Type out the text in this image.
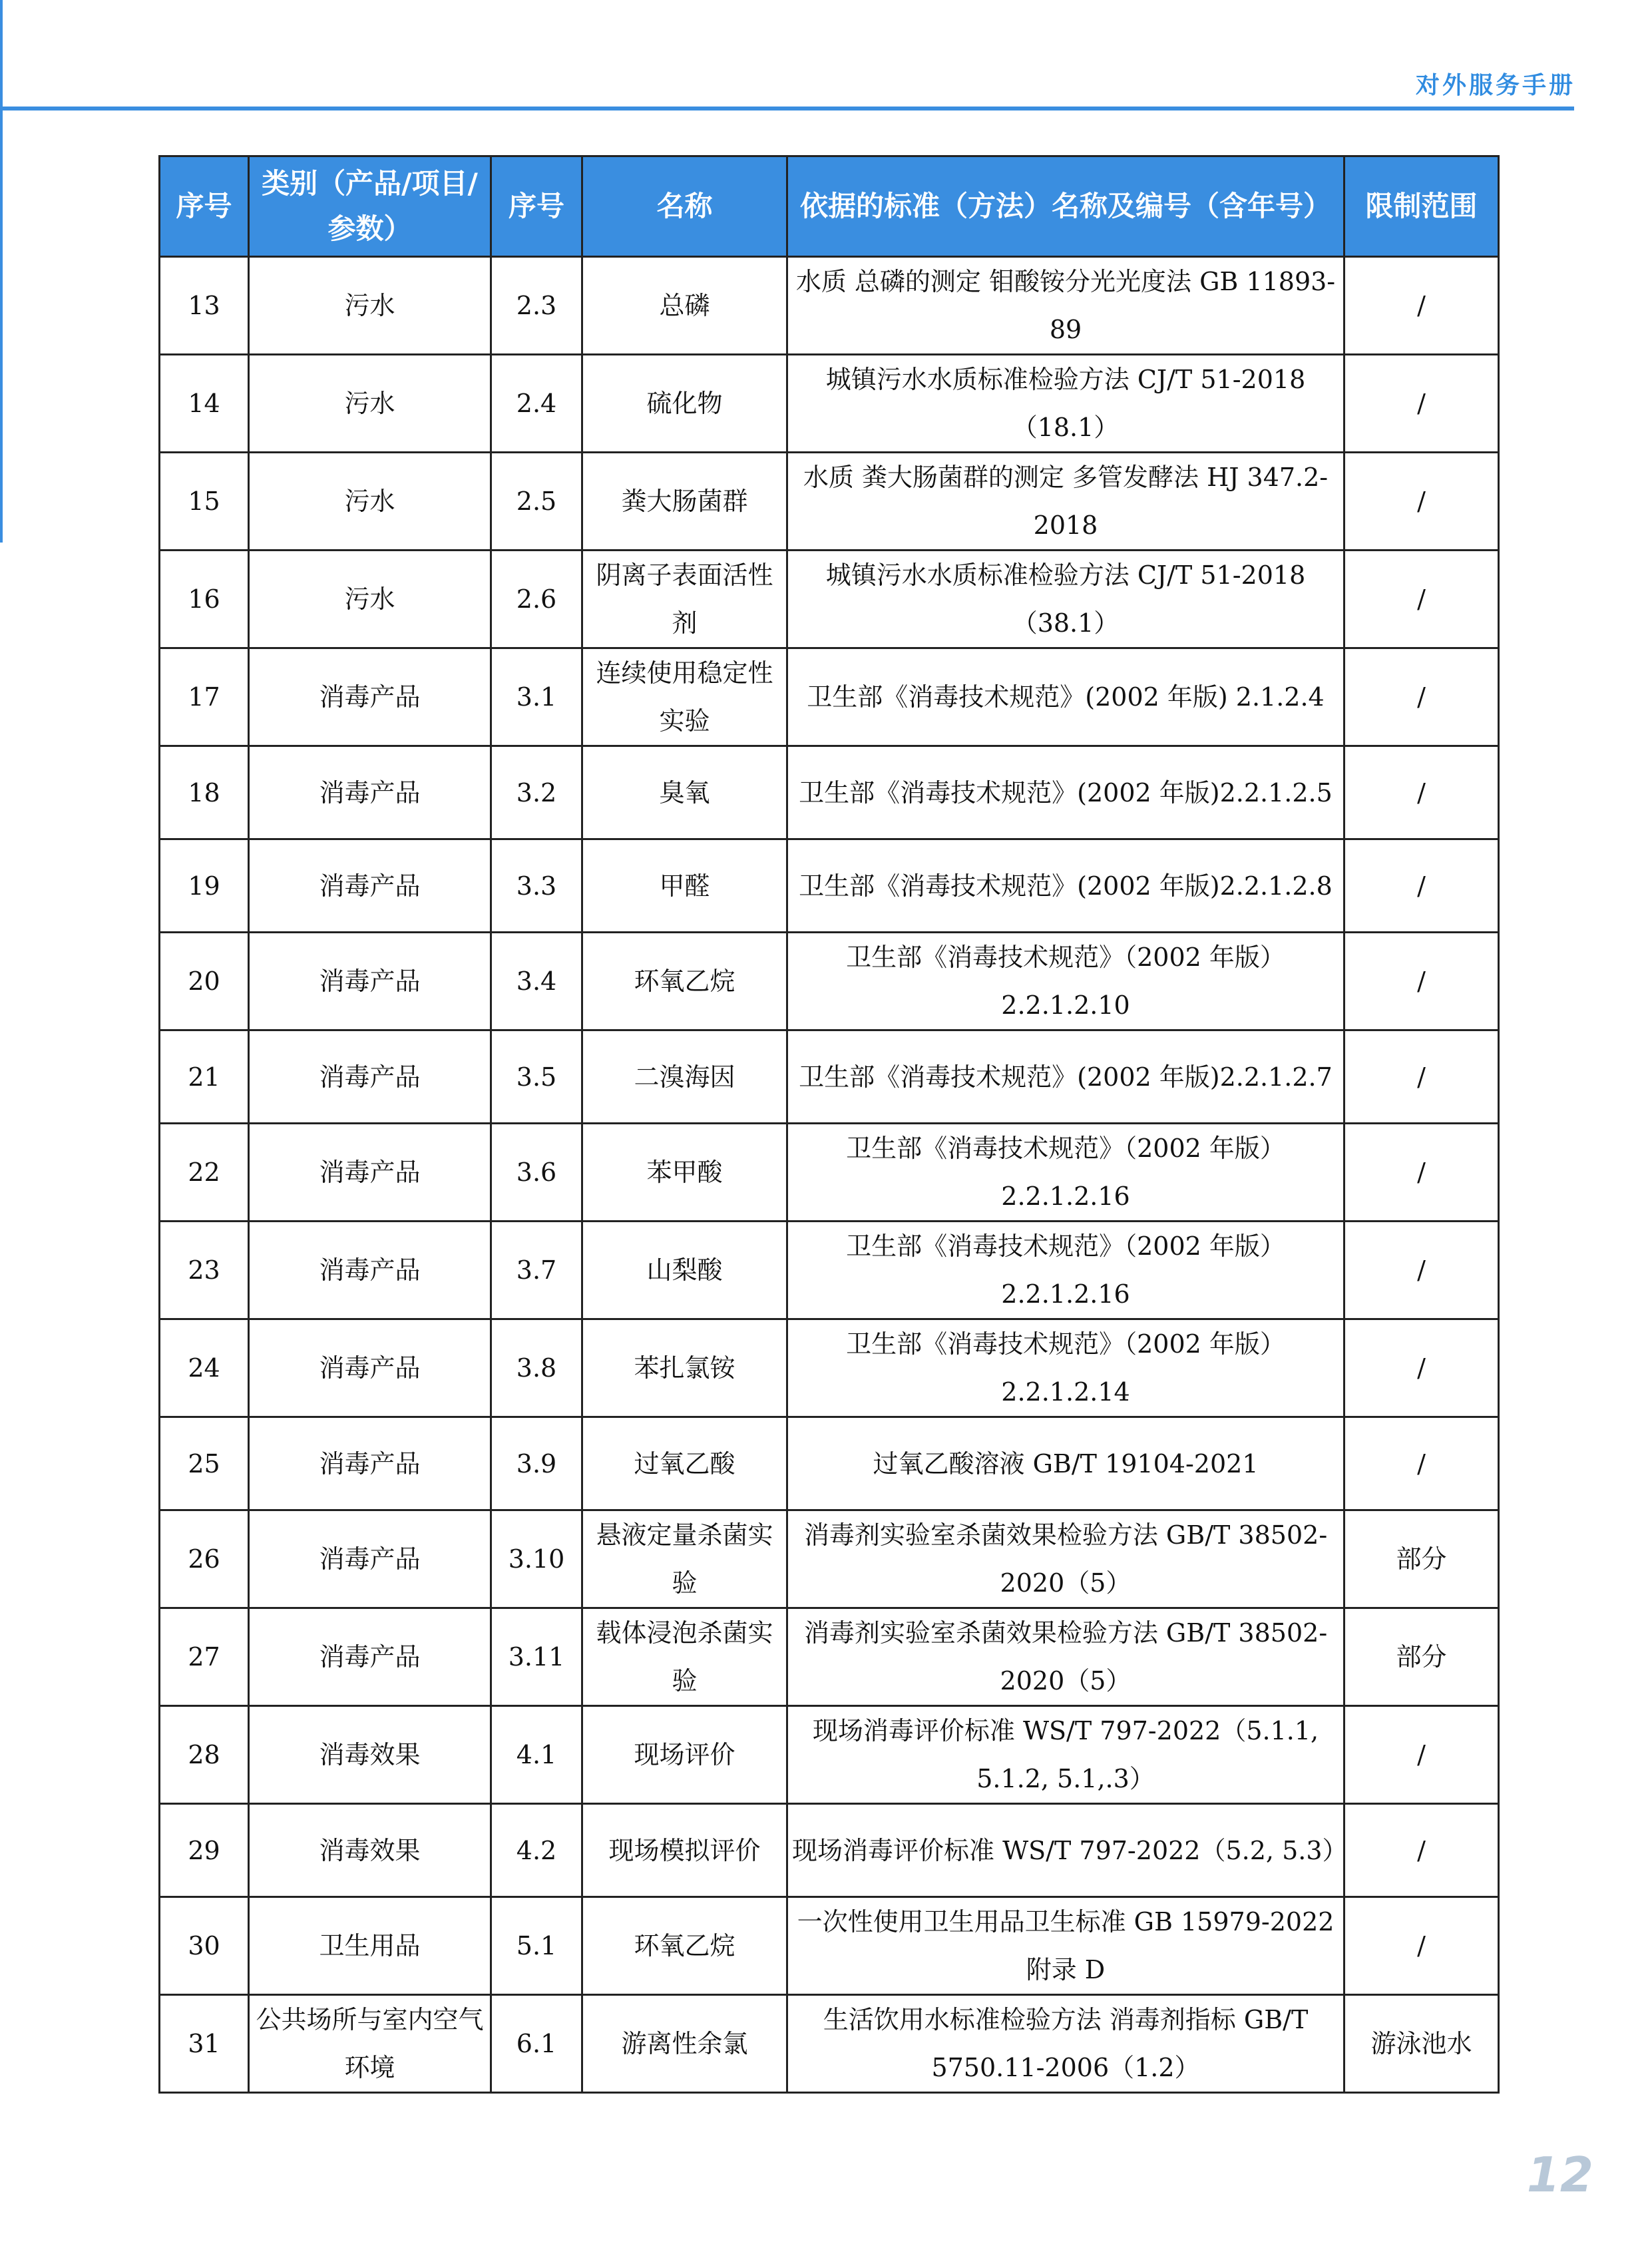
对外服务手册
序号	类别（产品/项目/参数）	序号	名称	依据的标准（方法）名称及编号（含年号）	限制范围
13	污水	2.3	总磷	水质 总磷的测定 钼酸铵分光光度法 GB 11893-89	/
14	污水	2.4	硫化物	城镇污水水质标准检验方法 CJ/T 51-2018（18.1）	/
15	污水	2.5	粪大肠菌群	水质 粪大肠菌群的测定 多管发酵法 HJ 347.2-2018	/
16	污水	2.6	阴离子表面活性剂	城镇污水水质标准检验方法 CJ/T 51-2018（38.1）	/
17	消毒产品	3.1	连续使用稳定性实验	卫生部《消毒技术规范》(2002 年版) 2.1.2.4	/
18	消毒产品	3.2	臭氧	卫生部《消毒技术规范》(2002 年版)2.2.1.2.5	/
19	消毒产品	3.3	甲醛	卫生部《消毒技术规范》(2002 年版)2.2.1.2.8	/
20	消毒产品	3.4	环氧乙烷	卫生部《消毒技术规范》（2002 年版） 2.2.1.2.10	/
21	消毒产品	3.5	二溴海因	卫生部《消毒技术规范》(2002 年版)2.2.1.2.7	/
22	消毒产品	3.6	苯甲酸	卫生部《消毒技术规范》（2002 年版） 2.2.1.2.16	/
23	消毒产品	3.7	山梨酸	卫生部《消毒技术规范》（2002 年版） 2.2.1.2.16	/
24	消毒产品	3.8	苯扎氯铵	卫生部《消毒技术规范》（2002 年版） 2.2.1.2.14	/
25	消毒产品	3.9	过氧乙酸	过氧乙酸溶液 GB/T 19104-2021	/
26	消毒产品	3.10	悬液定量杀菌实验	消毒剂实验室杀菌效果检验方法 GB/T 38502-2020（5）	部分
27	消毒产品	3.11	载体浸泡杀菌实验	消毒剂实验室杀菌效果检验方法 GB/T 38502-2020（5）	部分
28	消毒效果	4.1	现场评价	现场消毒评价标准 WS/T 797-2022（5.1.1, 5.1.2, 5.1,.3）	/
29	消毒效果	4.2	现场模拟评价	现场消毒评价标准 WS/T 797-2022（5.2, 5.3）	/
30	卫生用品	5.1	环氧乙烷	一次性使用卫生用品卫生标准 GB 15979-2022 附录 D	/
31	公共场所与室内空气环境	6.1	游离性余氯	生活饮用水标准检验方法 消毒剂指标 GB/T 5750.11-2006（1.2）	游泳池水
12
